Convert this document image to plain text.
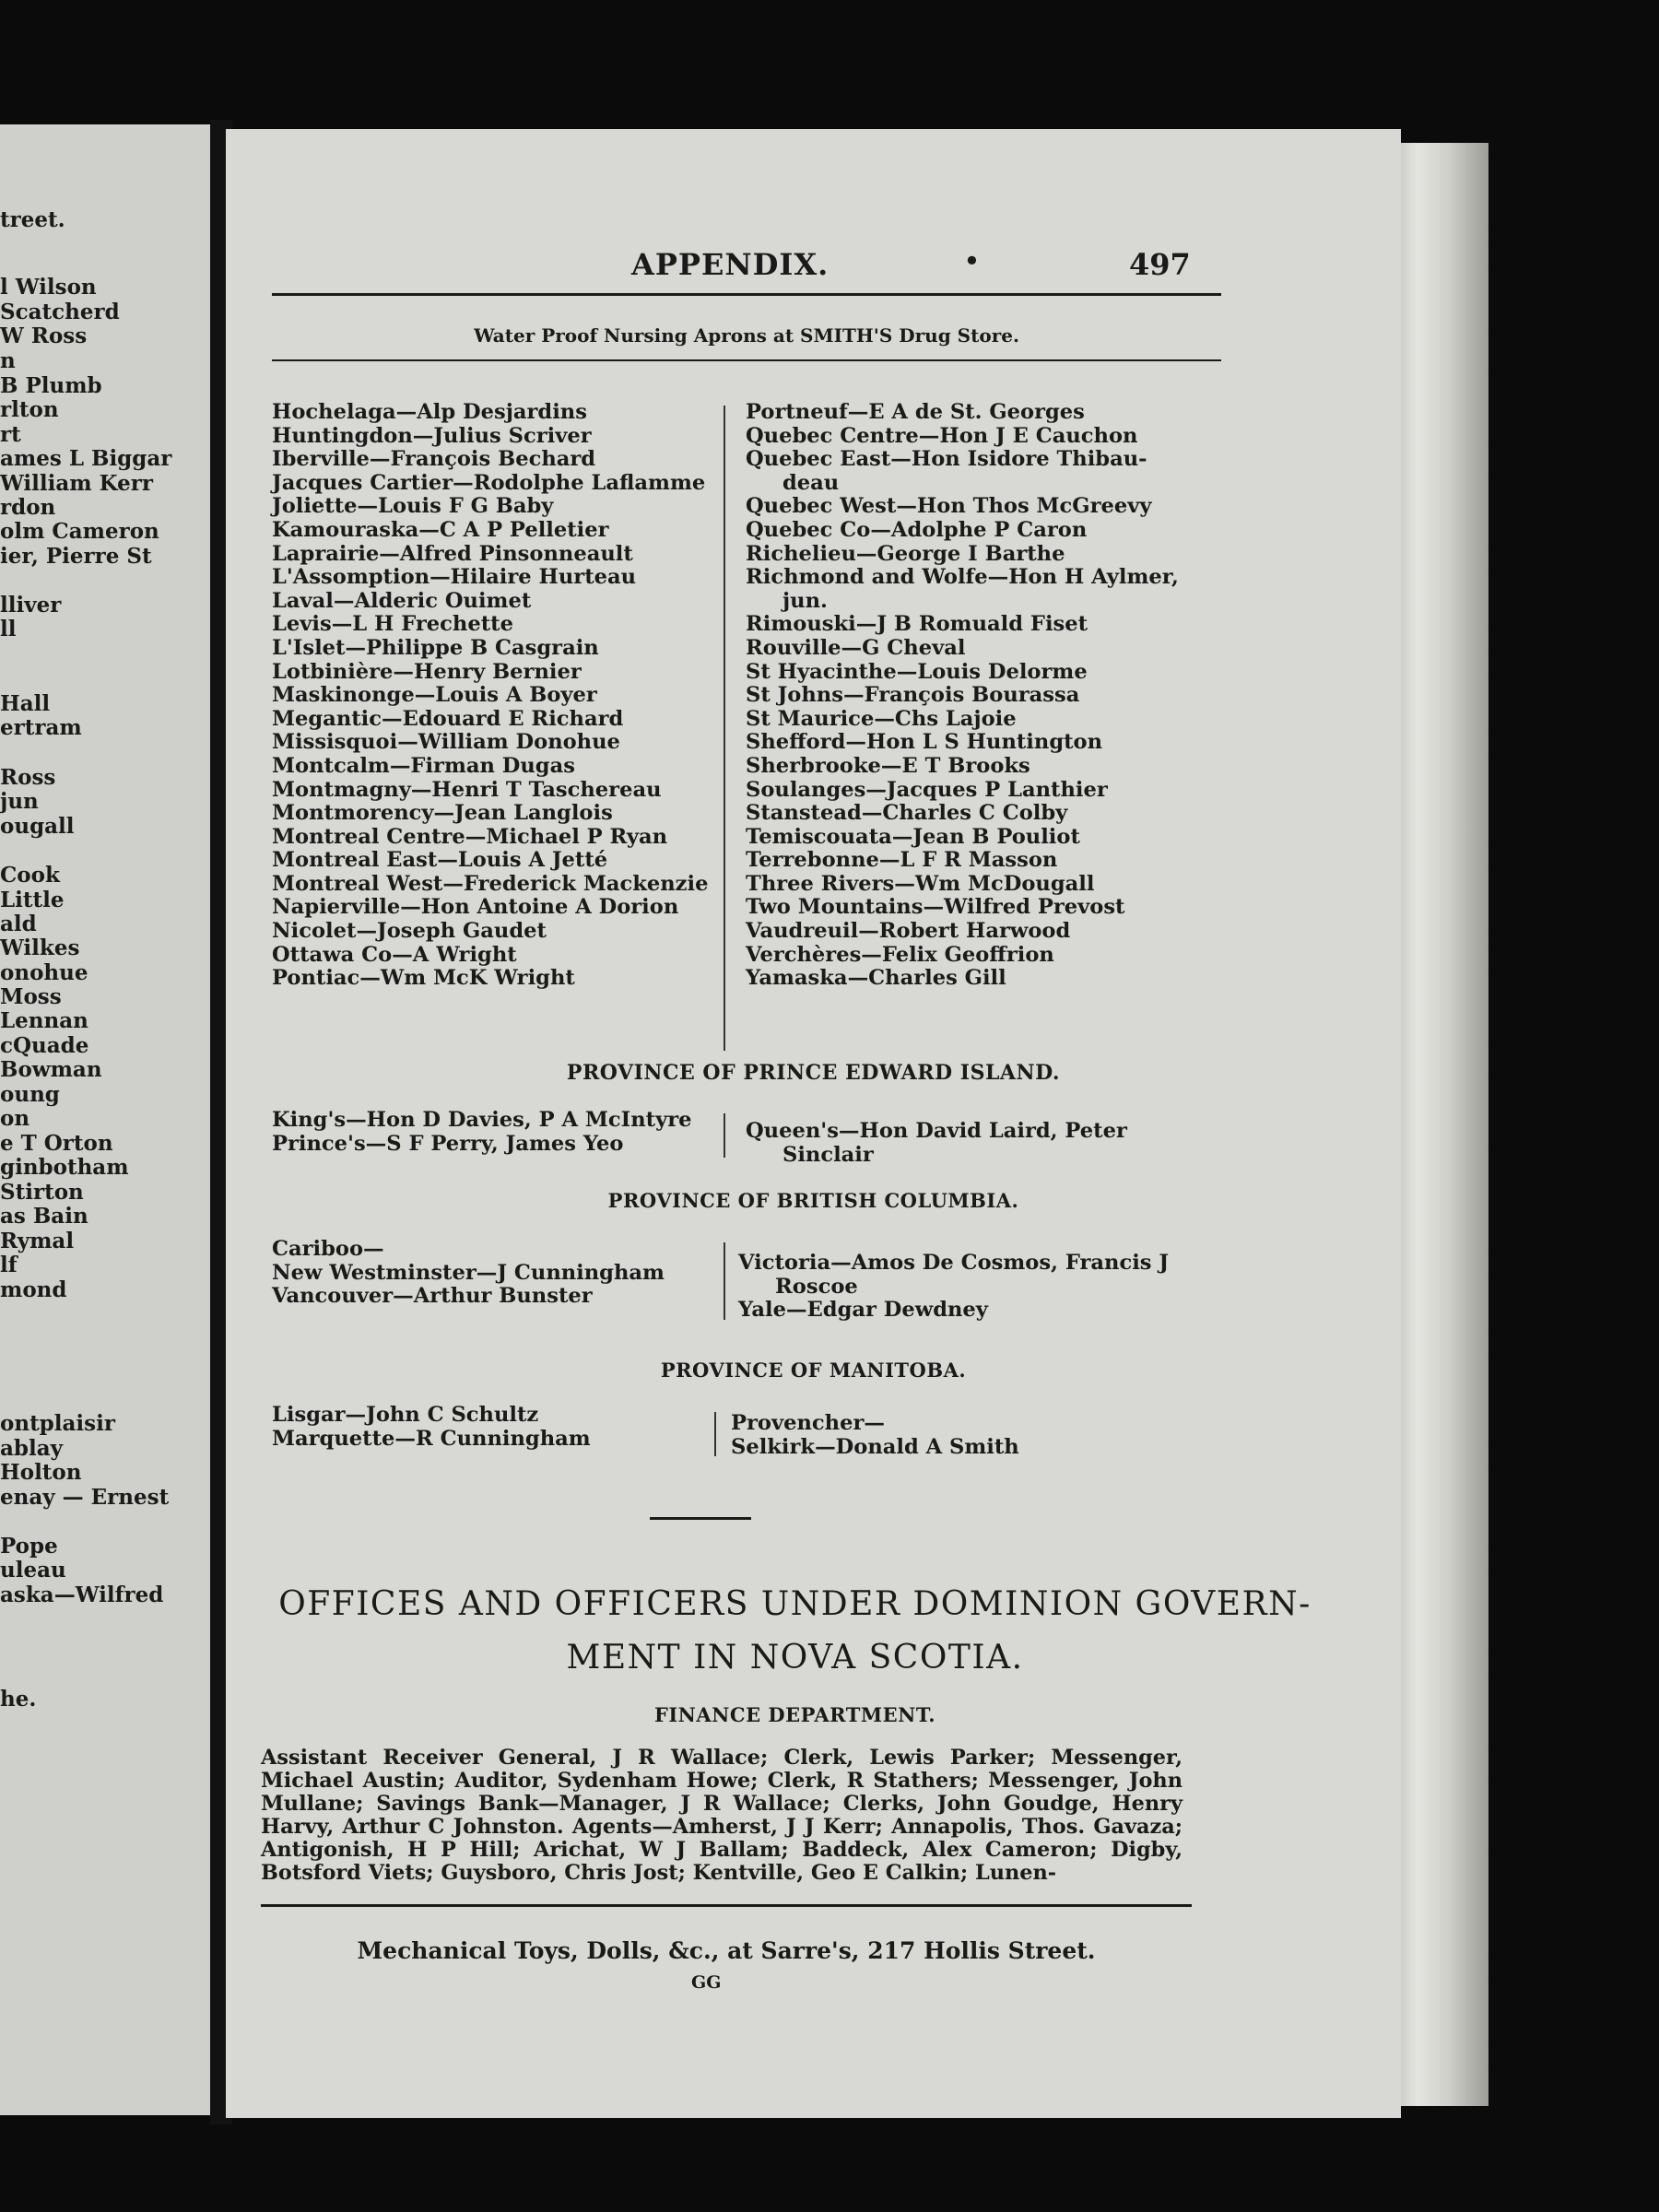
treet.
l Wilson
Scatcherd
W Ross
n
B Plumb
rlton
rt
ames L Biggar
William Kerr
rdon
olm Cameron
ier, Pierre St
lliver
ll
Hall
ertram
Ross
jun
ougall
Cook
Little
ald
Wilkes
onohue
Moss
Lennan
cQuade
Bowman
oung
on
e T Orton
ginbotham
Stirton
as Bain
Rymal
lf
mond
ontplaisir
ablay
Holton
enay — Ernest
Pope
uleau
aska—Wilfred
he.
APPENDIX.	•	497
Water Proof Nursing Aprons at SMITH'S Drug Store.
Hochelaga—Alp Desjardins
Huntingdon—Julius Scriver
Iberville—François Bechard
Jacques Cartier—Rodolphe Laflamme
Joliette—Louis F G Baby
Kamouraska—C A P Pelletier
Laprairie—Alfred Pinsonneault
L'Assomption—Hilaire Hurteau
Laval—Alderic Ouimet
Levis—L H Frechette
L'Islet—Philippe B Casgrain
Lotbinière—Henry Bernier
Maskinonge—Louis A Boyer
Megantic—Edouard E Richard
Missisquoi—William Donohue
Montcalm—Firman Dugas
Montmagny—Henri T Taschereau
Montmorency—Jean Langlois
Montreal Centre—Michael P Ryan
Montreal East—Louis A Jetté
Montreal West—Frederick Mackenzie
Napierville—Hon Antoine A Dorion
Nicolet—Joseph Gaudet
Ottawa Co—A Wright
Pontiac—Wm McK Wright
Portneuf—E A de St. Georges
Quebec Centre—Hon J E Cauchon
Quebec East—Hon Isidore Thibau-
deau
Quebec West—Hon Thos McGreevy
Quebec Co—Adolphe P Caron
Richelieu—George I Barthe
Richmond and Wolfe—Hon H Aylmer,
jun.
Rimouski—J B Romuald Fiset
Rouville—G Cheval
St Hyacinthe—Louis Delorme
St Johns—François Bourassa
St Maurice—Chs Lajoie
Shefford—Hon L S Huntington
Sherbrooke—E T Brooks
Soulanges—Jacques P Lanthier
Stanstead—Charles C Colby
Temiscouata—Jean B Pouliot
Terrebonne—L F R Masson
Three Rivers—Wm McDougall
Two Mountains—Wilfred Prevost
Vaudreuil—Robert Harwood
Verchères—Felix Geoffrion
Yamaska—Charles Gill
PROVINCE OF PRINCE EDWARD ISLAND.
King's—Hon D Davies, P A McIntyre
Prince's—S F Perry, James Yeo
Queen's—Hon David Laird, Peter
Sinclair
PROVINCE OF BRITISH COLUMBIA.
Cariboo—
New Westminster—J Cunningham
Vancouver—Arthur Bunster
Victoria—Amos De Cosmos, Francis J
Roscoe
Yale—Edgar Dewdney
PROVINCE OF MANITOBA.
Lisgar—John C Schultz
Marquette—R Cunningham
Provencher—
Selkirk—Donald A Smith
OFFICES AND OFFICERS UNDER DOMINION GOVERN-
MENT IN NOVA SCOTIA.
FINANCE DEPARTMENT.
Assistant Receiver General, J R Wallace; Clerk, Lewis Parker; Messenger, Michael Austin; Auditor, Sydenham Howe; Clerk, R Stathers; Messenger, John Mullane; Savings Bank—Manager, J R Wallace; Clerks, John Goudge, Henry Harvy, Arthur C Johnston. Agents—Amherst, J J Kerr; Annapolis, Thos. Gavaza; Antigonish, H P Hill; Arichat, W J Ballam; Baddeck, Alex Cameron; Digby, Botsford Viets; Guysboro, Chris Jost; Kentville, Geo E Calkin; Lunen-
Mechanical Toys, Dolls, &c., at Sarre's, 217 Hollis Street.
GG
